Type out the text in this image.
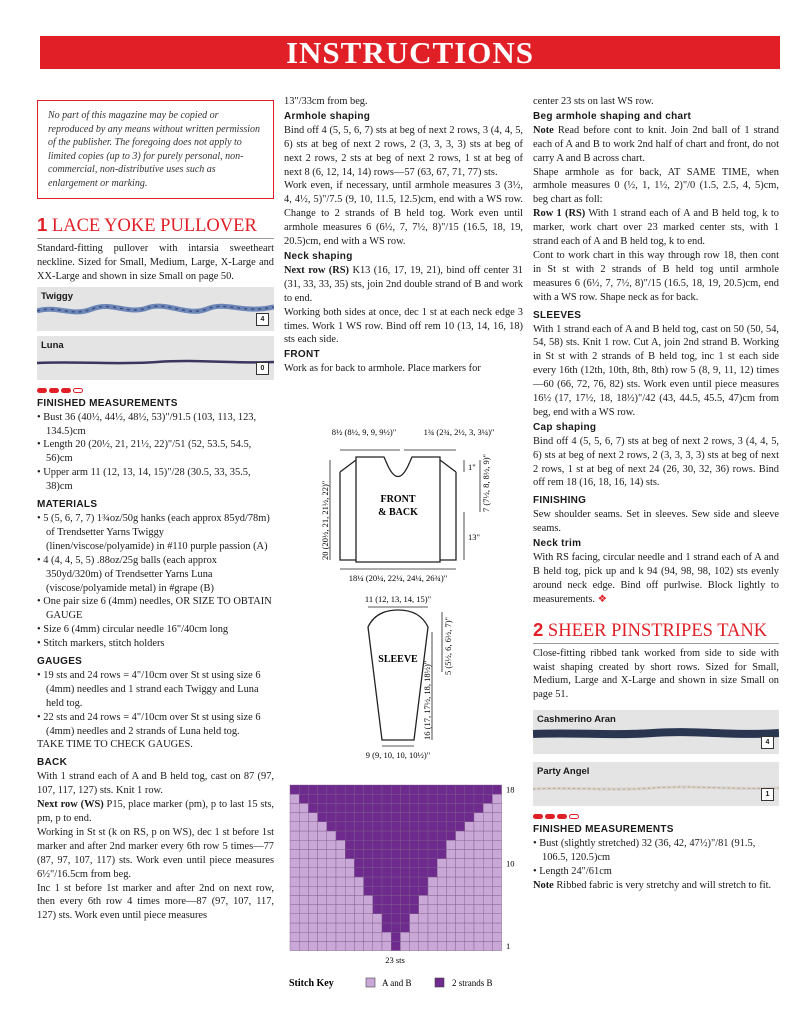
INSTRUCTIONS
No part of this magazine may be copied or reproduced by any means without written permission of the publisher. The foregoing does not apply to limited copies (up to 3) for purely personal, non-commercial, non-distributive uses such as enlargement or marking.
1 LACE YOKE PULLOVER

Standard-fitting pullover with intarsia sweetheart neckline. Sized for Small, Medium, Large, X-Large and XX-Large and shown in size Small on page 50.

Twiggy
4
Luna
0
FINISHED MEASUREMENTS
• Bust 36 (40½, 44½, 48½, 53)"/91.5 (103, 113, 123, 134.5)cm
• Length 20 (20½, 21, 21½, 22)"/51 (52, 53.5, 54.5, 56)cm
• Upper arm 11 (12, 13, 14, 15)"/28 (30.5, 33, 35.5, 38)cm
MATERIALS
• 5 (5, 6, 7, 7) 1¾oz/50g hanks (each approx 85yd/78m) of Trendsetter Yarns Twiggy (linen/viscose/polyamide) in #110 purple passion (A)
• 4 (4, 4, 5, 5) .88oz/25g balls (each approx 350yd/320m) of Trendsetter Yarns Luna (viscose/polyamide metal) in #grape (B)
• One pair size 6 (4mm) needles, OR SIZE TO OBTAIN GAUGE
• Size 6 (4mm) circular needle 16"/40cm long
• Stitch markers, stitch holders
GAUGES
• 19 sts and 24 rows = 4"/10cm over St st using size 6 (4mm) needles and 1 strand each Twiggy and Luna held tog.
• 22 sts and 24 rows = 4"/10cm over St st using size 6 (4mm) needles and 2 strands of Luna held tog.

TAKE TIME TO CHECK GAUGES.

BACK

With 1 strand each of A and B held tog, cast on 87 (97, 107, 117, 127) sts. Knit 1 row.

Next row (WS) P15, place marker (pm), p to last 15 sts, pm, p to end.

Working in St st (k on RS, p on WS), dec 1 st before 1st marker and after 2nd marker every 6th row 5 times—77 (87, 97, 107, 117) sts. Work even until piece measures 6½"/16.5cm from beg.

Inc 1 st before 1st marker and after 2nd on next row, then every 6th row 4 times more—87 (97, 107, 117, 127) sts. Work even until piece measures

13"/33cm from beg.

Armhole shaping

Bind off 4 (5, 5, 6, 7) sts at beg of next 2 rows, 3 (4, 4, 5, 6) sts at beg of next 2 rows, 2 (3, 3, 3, 3) sts at beg of next 2 rows, 2 sts at beg of next 2 rows, 1 st at beg of next 8 (6, 12, 14, 14) rows—57 (63, 67, 71, 77) sts.

Work even, if necessary, until armhole measures 3 (3½, 4, 4½, 5)"/7.5 (9, 10, 11.5, 12.5)cm, end with a WS row. Change to 2 strands of B held tog. Work even until armhole measures 6 (6½, 7, 7½, 8)"/15 (16.5, 18, 19, 20.5)cm, end with a WS row.

Neck shaping

Next row (RS) K13 (16, 17, 19, 21), bind off center 31 (31, 33, 33, 35) sts, join 2nd double strand of B and work to end.

Working both sides at once, dec 1 st at each neck edge 3 times. Work 1 WS row. Bind off rem 10 (13, 14, 16, 18) sts each side.

FRONT

Work as for back to armhole. Place markers for

FRONT
& BACK
8½ (8½, 9, 9, 9½)"	1¾ (2¾, 2½, 3, 3¼)"
1" 7 (7½, 8, 8½, 9)"
13"
20 (20½, 21, 21½, 22)"
18¼ (20¼, 22¼, 24¼, 26¾)"
11 (12, 13, 14, 15)"
SLEEVE	5 (5½, 6, 6½, 7)"
16 (17, 17½, 18, 18½)"
9 (9, 10, 10, 10½)"
18
10
1
23 sts
Stitch Key	A and B	2 strands B

center 23 sts on last WS row.

Beg armhole shaping and chart

Note Read before cont to knit. Join 2nd ball of 1 strand each of A and B to work 2nd half of chart and front, do not carry A and B across chart.

Shape armhole as for back, AT SAME TIME, when armhole measures 0 (½, 1, 1½, 2)"/0 (1.5, 2.5, 4, 5)cm, beg chart as foll:

Row 1 (RS) With 1 strand each of A and B held tog, k to marker, work chart over 23 marked center sts, with 1 strand each of A and B held tog, k to end.

Cont to work chart in this way through row 18, then cont in St st with 2 strands of B held tog until armhole measures 6 (6½, 7, 7½, 8)"/15 (16.5, 18, 19, 20.5)cm, end with a WS row. Shape neck as for back.

SLEEVES

With 1 strand each of A and B held tog, cast on 50 (50, 54, 54, 58) sts. Knit 1 row. Cut A, join 2nd strand B. Working in St st with 2 strands of B held tog, inc 1 st each side every 16th (12th, 10th, 8th, 8th) row 5 (8, 9, 11, 12) times—60 (66, 72, 76, 82) sts. Work even until piece measures 16½ (17, 17½, 18, 18½)"/42 (43, 44.5, 45.5, 47)cm from beg, end with a WS row.

Cap shaping

Bind off 4 (5, 5, 6, 7) sts at beg of next 2 rows, 3 (4, 4, 5, 6) sts at beg of next 2 rows, 2 (3, 3, 3, 3) sts at beg of next 2 rows, 1 st at beg of next 24 (26, 30, 32, 36) rows. Bind off rem 18 (16, 18, 16, 14) sts.

FINISHING

Sew shoulder seams. Set in sleeves. Sew side and sleeve seams.

Neck trim

With RS facing, circular needle and 1 strand each of A and B held tog, pick up and k 94 (94, 98, 98, 102) sts evenly around neck edge. Bind off purlwise. Block lightly to measurements. ❖

2 SHEER PINSTRIPES TANK

Close-fitting ribbed tank worked from side to side with waist shaping created by short rows. Sized for Small, Medium, Large and X-Large and shown in size Small on page 51.

Cashmerino Aran
4
Party Angel
1
FINISHED MEASUREMENTS
• Bust (slightly stretched) 32 (36, 42, 47½)"/81 (91.5, 106.5, 120.5)cm
• Length 24"/61cm

Note Ribbed fabric is very stretchy and will stretch to fit.
